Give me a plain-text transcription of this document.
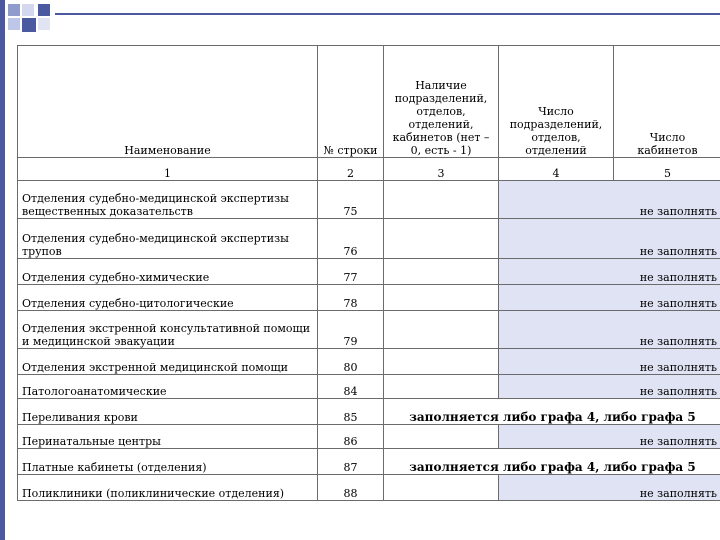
Наименование	№ строки	Наличие подразделений, отделов, отделений, кабинетов (нет – 0, есть - 1)	Число подразделений, отделов, отделений	Число кабинетов
1	2	3	4	5
Отделения судебно-медицинской экспертизы вещественных доказательств	75		не заполнять	
Отделения судебно-медицинской экспертизы трупов	76		не заполнять	
Отделения судебно-химические	77		не заполнять	
Отделения судебно-цитологические	78		не заполнять	
Отделения экстренной консультативной помощи и медицинской эвакуации	79		не заполнять	
Отделения экстренной медицинской помощи	80		не заполнять	
Патологоанатомические	84		не заполнять	
Переливания крови	85	заполняется либо графа 4, либо графа 5		
Перинатальные центры	86		не заполнять	
Платные кабинеты (отделения)	87	заполняется либо графа 4, либо графа 5		
Поликлиники (поликлинические отделения)	88		не заполнять	
